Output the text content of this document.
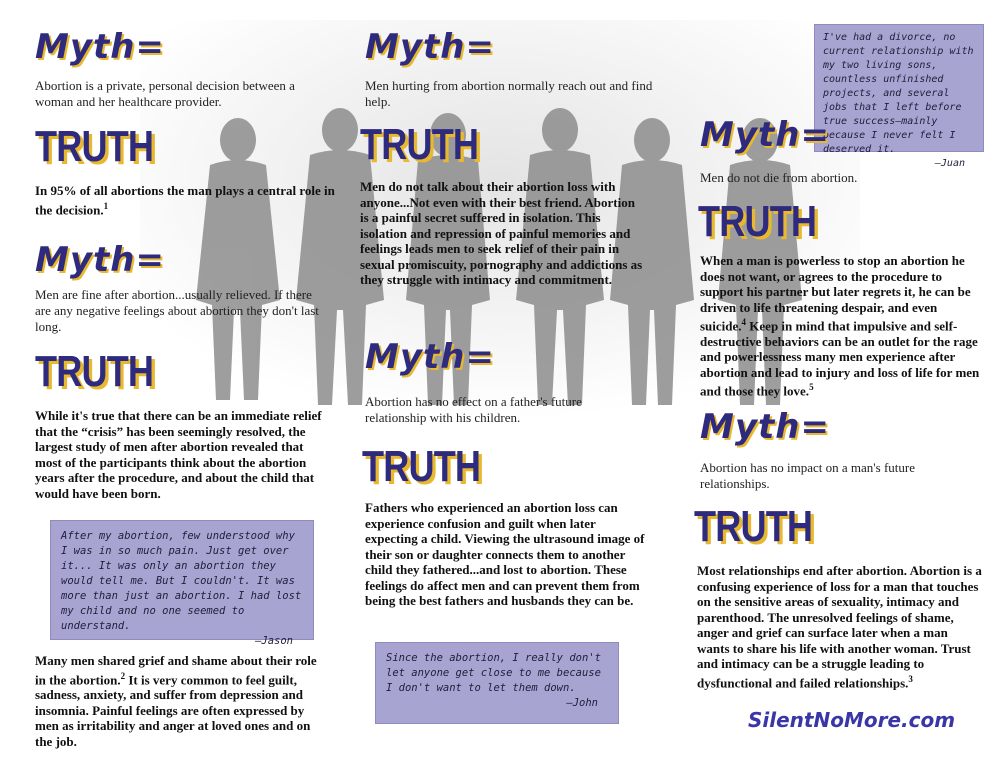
Myth=
Abortion is a private, personal decision between a woman and her healthcare provider.
TRUTH
In 95% of all abortions the man plays a central role in the decision.$^1$
Myth=
Men are fine after abortion...usually relieved. If there are any negative feelings about abortion they don't last long.
TRUTH
While it's true that there can be an immediate relief that the “crisis” has been seemingly resolved, the largest study of men after abortion revealed that most of the participants think about the abortion years after the procedure, and about the child that would have been born.
After my abortion, few understood why I was in so much pain. Just get over it... It was only an abortion they would tell me. But I couldn't. It was more than just an abortion. I had lost my child and no one seemed to understand.
—Jason
Many men shared grief and shame about their role in the abortion.$^2$ It is very common to feel guilt, sadness, anxiety, and suffer from depression and insomnia. Painful feelings are often expressed by men as irritability and anger at loved ones and on the job.
Myth=
Men hurting from abortion normally reach out and find help.
TRUTH
Men do not talk about their abortion loss with anyone...Not even with their best friend. Abortion is a painful secret suffered in isolation. This isolation and repression of painful memories and feelings leads men to seek relief of their pain in sexual promiscuity, pornography and addictions as they struggle with intimacy and commitment.
Myth=
Abortion has no effect on a father's future relationship with his children.
TRUTH
Fathers who experienced an abortion loss can experience confusion and guilt when later expecting a child. Viewing the ultrasound image of their son or daughter connects them to another child they fathered...and lost to abortion. These feelings do affect men and can prevent them from being the best fathers and husbands they can be.
Since the abortion, I really don't let anyone get close to me because I don't want to let them down.
—John
I've had a divorce, no current relationship with my two living sons, countless unfinished projects, and several jobs that I left before true success—mainly because I never felt I deserved it.
—Juan
Myth=
Men do not die from abortion.
TRUTH
When a man is powerless to stop an abortion he does not want, or agrees to the procedure to support his partner but later regrets it, he can be driven to life threatening despair, and even suicide.$^4$ Keep in mind that impulsive and self-destructive behaviors can be an outlet for the rage and powerlessness many men experience after abortion and lead to injury and loss of life for men and those they love.$^5$
Myth=
Abortion has no impact on a man's future relationships.
TRUTH
Most relationships end after abortion. Abortion is a confusing experience of loss for a man that touches on the sensitive areas of sexuality, intimacy and parenthood. The unresolved feelings of shame, anger and grief can surface later when a man wants to share his life with another woman. Trust and intimacy can be a struggle leading to dysfunctional and failed relationships.$^3$
SilentNoMore.com
